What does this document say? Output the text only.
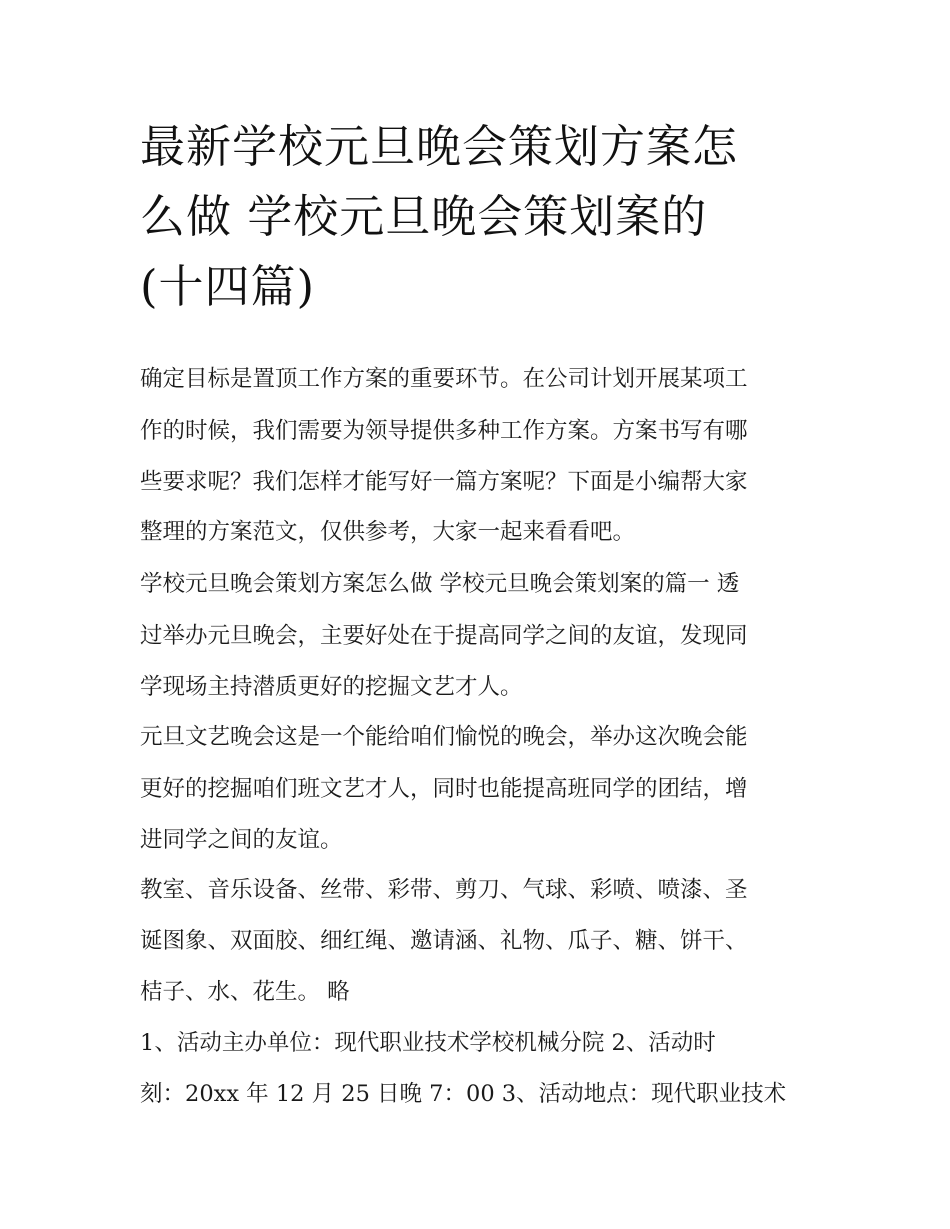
最新学校元旦晚会策划方案怎
么做 学校元旦晚会策划案的
(十四篇)
确定目标是置顶工作方案的重要环节。在公司计划开展某项工
作的时候，我们需要为领导提供多种工作方案。方案书写有哪
些要求呢？我们怎样才能写好一篇方案呢？下面是小编帮大家
整理的方案范文，仅供参考，大家一起来看看吧。
学校元旦晚会策划方案怎么做 学校元旦晚会策划案的篇一 透
过举办元旦晚会，主要好处在于提高同学之间的友谊，发现同
学现场主持潜质更好的挖掘文艺才人。
元旦文艺晚会这是一个能给咱们愉悦的晚会，举办这次晚会能
更好的挖掘咱们班文艺才人，同时也能提高班同学的团结，增
进同学之间的友谊。
教室、音乐设备、丝带、彩带、剪刀、气球、彩喷、喷漆、圣
诞图象、双面胶、细红绳、邀请涵、礼物、瓜子、糖、饼干、
桔子、水、花生。 略
1、活动主办单位：现代职业技术学校机械分院 2、活动时
刻：20xx 年 12 月 25 日晚 7：00 3、活动地点：现代职业技术
